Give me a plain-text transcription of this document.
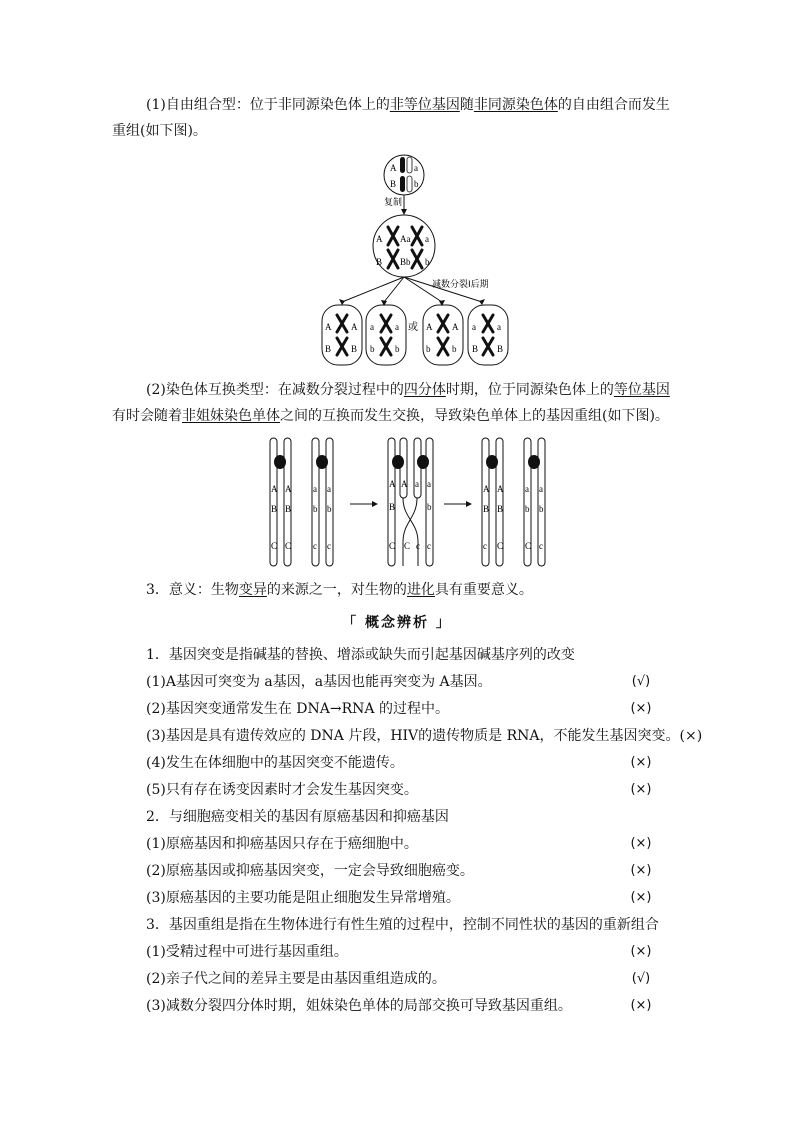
(1)自由组合型：位于非同源染色体上的非等位基因随非同源染色体的自由组合而发生重组(如下图)。

A a
B b
复制
A Aa a
B Bb b
减数分裂Ⅰ后期
A A
B B
a a
b b
或 A A
b b
a a
B B

(2)染色体互换类型：在减数分裂过程中的四分体时期，位于同源染色体上的等位基因有时会随着非姐妹染色单体之间的互换而发生交换，导致染色单体上的基因重组(如下图)。

A A a a
B B b b
C C c c
A A a a
B	b
C C c c
A A a a
B B b b
c C C c

3．意义：生物变异的来源之一，对生物的进化具有重要意义。

「 概念辨析 」
1．基因突变是指碱基的替换、增添或缺失而引起基因碱基序列的改变
(1)A基因可突变为 a基因，a基因也能再突变为 A基因。	(√)
(2)基因突变通常发生在 DNA→RNA 的过程中。	(×)
(3)基因是具有遗传效应的 DNA 片段，HIV的遗传物质是 RNA，不能发生基因突变。(×)
(4)发生在体细胞中的基因突变不能遗传。	(×)
(5)只有存在诱变因素时才会发生基因突变。	(×)
2．与细胞癌变相关的基因有原癌基因和抑癌基因
(1)原癌基因和抑癌基因只存在于癌细胞中。	(×)
(2)原癌基因或抑癌基因突变，一定会导致细胞癌变。	(×)
(3)原癌基因的主要功能是阻止细胞发生异常增殖。	(×)
3．基因重组是指在生物体进行有性生殖的过程中，控制不同性状的基因的重新组合
(1)受精过程中可进行基因重组。	(×)
(2)亲子代之间的差异主要是由基因重组造成的。	(√)
(3)减数分裂四分体时期，姐妹染色单体的局部交换可导致基因重组。	(×)
